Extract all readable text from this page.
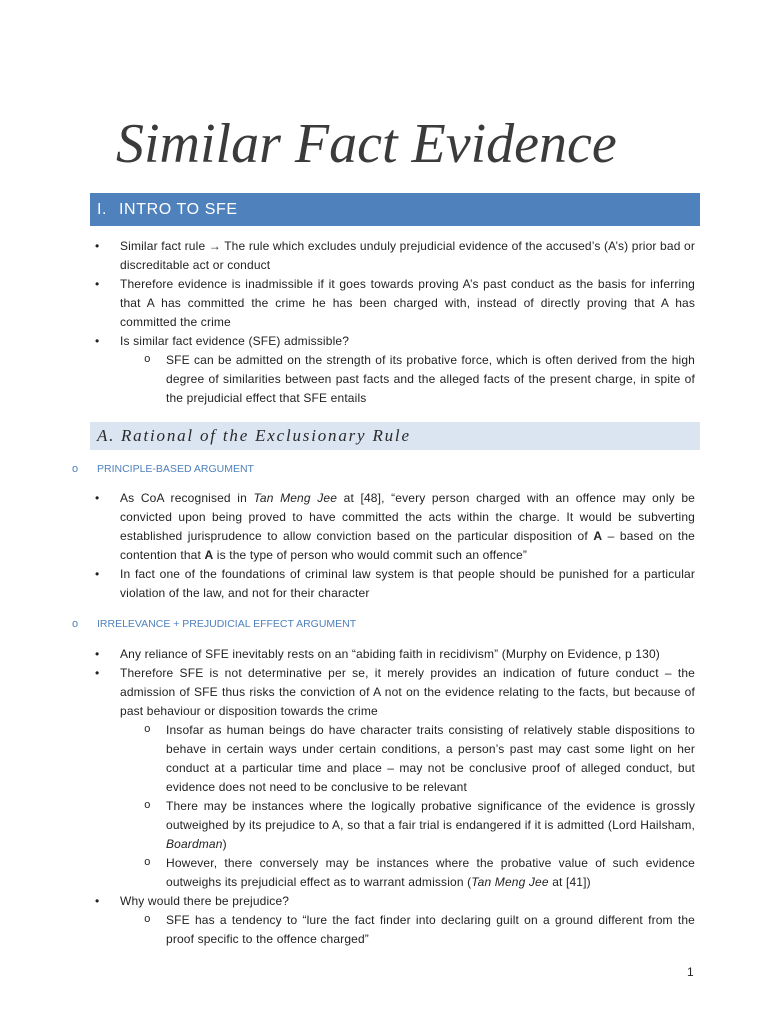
Similar Fact Evidence
I. INTRO TO SFE
• Similar fact rule → The rule which excludes unduly prejudicial evidence of the accused’s (A’s) prior bad or discreditable act or conduct

• Therefore evidence is inadmissible if it goes towards proving A’s past conduct as the basis for inferring that A has committed the crime he has been charged with, instead of directly proving that A has committed the crime

• Is similar fact evidence (SFE) admissible?

o SFE can be admitted on the strength of its probative force, which is often derived from the high degree of similarities between past facts and the alleged facts of the present charge, in spite of the prejudicial effect that SFE entails

A. Rational of the Exclusionary Rule
o PRINCIPLE-BASED ARGUMENT
• As CoA recognised in Tan Meng Jee at [48], “every person charged with an offence may only be convicted upon being proved to have committed the acts within the charge. It would be subverting established jurisprudence to allow conviction based on the particular disposition of A – based on the contention that A is the type of person who would commit such an offence”

• In fact one of the foundations of criminal law system is that people should be punished for a particular violation of the law, and not for their character

o IRRELEVANCE + PREJUDICIAL EFFECT ARGUMENT
• Any reliance of SFE inevitably rests on an “abiding faith in recidivism” (Murphy on Evidence, p 130)

• Therefore SFE is not determinative per se, it merely provides an indication of future conduct – the admission of SFE thus risks the conviction of A not on the evidence relating to the facts, but because of past behaviour or disposition towards the crime

o Insofar as human beings do have character traits consisting of relatively stable dispositions to behave in certain ways under certain conditions, a person’s past may cast some light on her conduct at a particular time and place – may not be conclusive proof of alleged conduct, but evidence does not need to be conclusive to be relevant

o There may be instances where the logically probative significance of the evidence is grossly outweighed by its prejudice to A, so that a fair trial is endangered if it is admitted (Lord Hailsham, Boardman)

o However, there conversely may be instances where the probative value of such evidence outweighs its prejudicial effect as to warrant admission (Tan Meng Jee at [41])

• Why would there be prejudice?

o SFE has a tendency to “lure the fact finder into declaring guilt on a ground different from the proof specific to the offence charged”

1
